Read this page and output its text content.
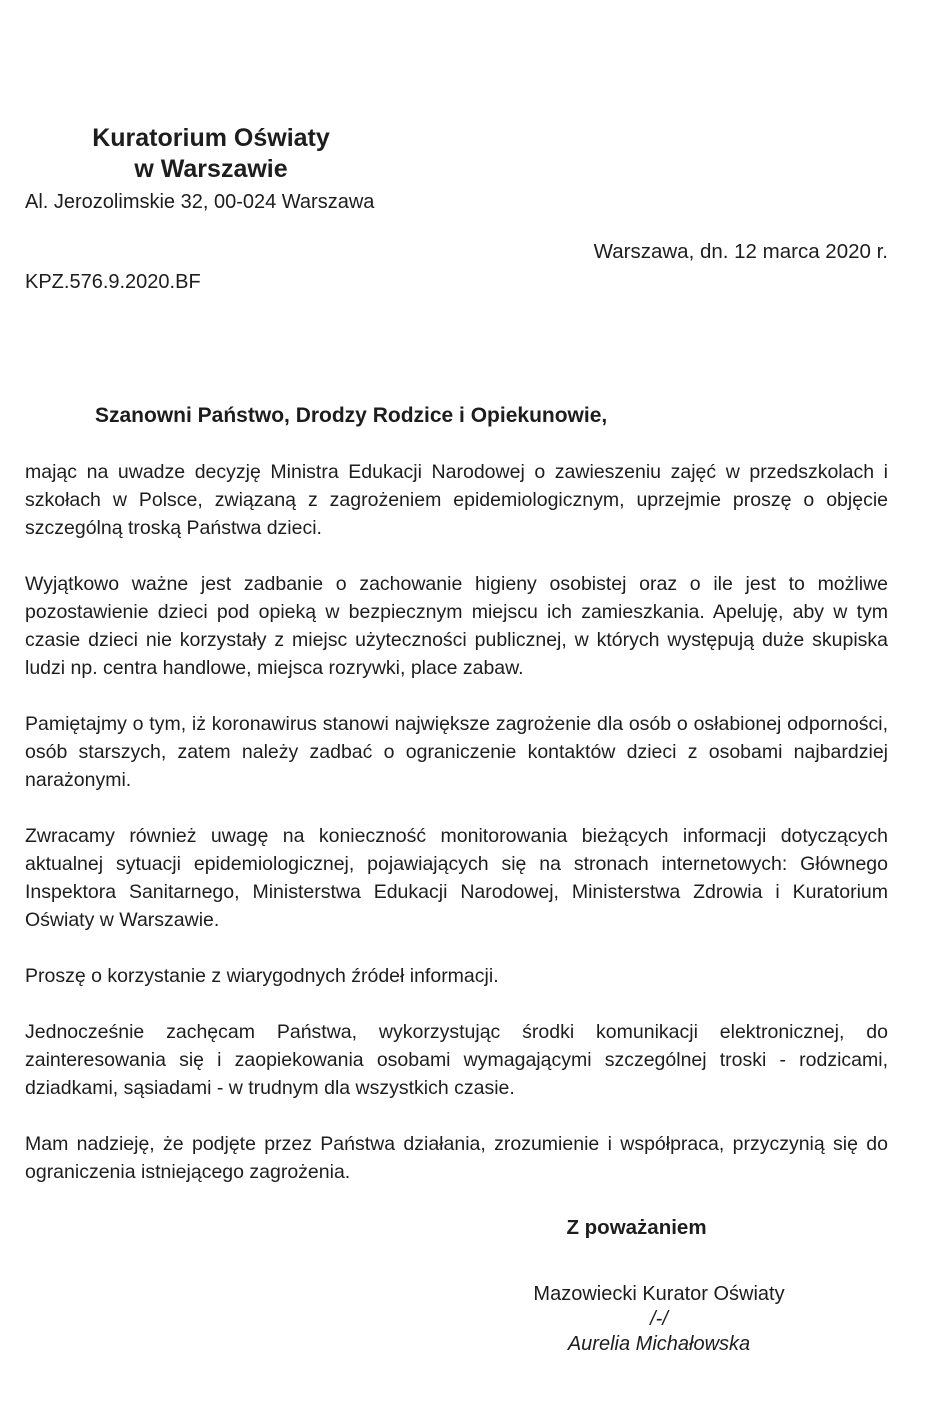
Kuratorium Oświaty
w Warszawie
Al. Jerozolimskie 32, 00-024 Warszawa
Warszawa, dn. 12 marca 2020 r.
KPZ.576.9.2020.BF
Szanowni Państwo, Drodzy Rodzice i Opiekunowie,

mając na uwadze decyzję Ministra Edukacji Narodowej o zawieszeniu zajęć w przedszkolach i szkołach w Polsce, związaną z zagrożeniem epidemiologicznym, uprzejmie proszę o objęcie szczególną troską Państwa dzieci.

Wyjątkowo ważne jest zadbanie o zachowanie higieny osobistej oraz o ile jest to możliwe pozostawienie dzieci pod opieką w bezpiecznym miejscu ich zamieszkania. Apeluję, aby w tym czasie dzieci nie korzystały z miejsc użyteczności publicznej, w których występują duże skupiska ludzi np. centra handlowe, miejsca rozrywki, place zabaw.

Pamiętajmy o tym, iż koronawirus stanowi największe zagrożenie dla osób o osłabionej odporności, osób starszych, zatem należy zadbać o ograniczenie kontaktów dzieci z osobami najbardziej narażonymi.

Zwracamy również uwagę na konieczność monitorowania bieżących informacji dotyczących aktualnej sytuacji epidemiologicznej, pojawiających się na stronach internetowych: Głównego Inspektora Sanitarnego, Ministerstwa Edukacji Narodowej, Ministerstwa Zdrowia i Kuratorium Oświaty w Warszawie.

Proszę o korzystanie z wiarygodnych źródeł informacji.

Jednocześnie zachęcam Państwa, wykorzystując środki komunikacji elektronicznej, do zainteresowania się i zaopiekowania osobami wymagającymi szczególnej troski - rodzicami, dziadkami, sąsiadami - w trudnym dla wszystkich czasie.

Mam nadzieję, że podjęte przez Państwa działania, zrozumienie i współpraca, przyczynią się do ograniczenia istniejącego zagrożenia.

Z poważaniem
Mazowiecki Kurator Oświaty
/-/
Aurelia Michałowska
